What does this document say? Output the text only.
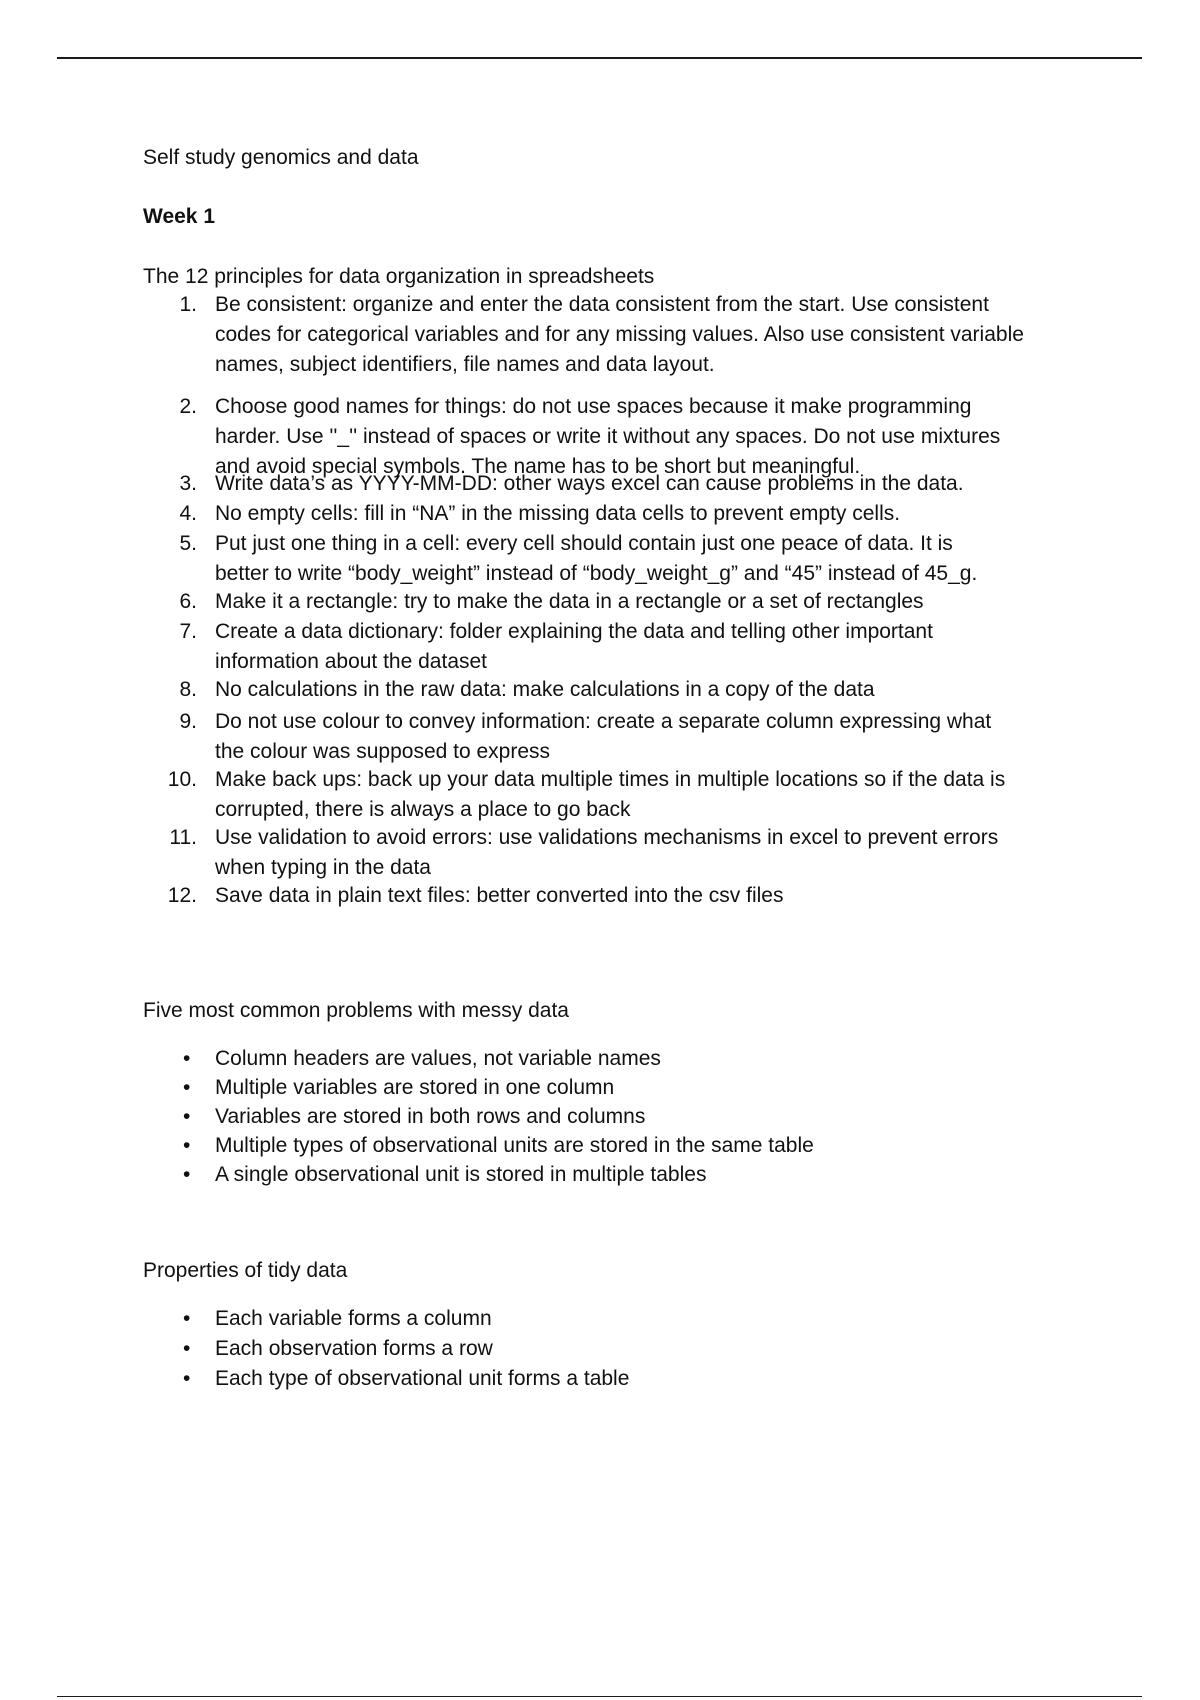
Self study genomics and data
Week 1
The 12 principles for data organization in spreadsheets
1. Be consistent: organize and enter the data consistent from the start. Use consistent
codes for categorical variables and for any missing values. Also use consistent variable
names, subject identifiers, file names and data layout.
2. Choose good names for things: do not use spaces because it make programming
harder. Use ''_'' instead of spaces or write it without any spaces. Do not use mixtures
and avoid special symbols. The name has to be short but meaningful.
3. Write data’s as YYYY-MM-DD: other ways excel can cause problems in the data.
4. No empty cells: fill in “NA” in the missing data cells to prevent empty cells.
5. Put just one thing in a cell: every cell should contain just one peace of data. It is
better to write “body_weight” instead of “body_weight_g” and “45” instead of 45_g.
6. Make it a rectangle: try to make the data in a rectangle or a set of rectangles
7. Create a data dictionary: folder explaining the data and telling other important
information about the dataset
8. No calculations in the raw data: make calculations in a copy of the data
9. Do not use colour to convey information: create a separate column expressing what
the colour was supposed to express
10. Make back ups: back up your data multiple times in multiple locations so if the data is
corrupted, there is always a place to go back
11. Use validation to avoid errors: use validations mechanisms in excel to prevent errors
when typing in the data
12. Save data in plain text files: better converted into the csv files
Five most common problems with messy data
• Column headers are values, not variable names
• Multiple variables are stored in one column
• Variables are stored in both rows and columns
• Multiple types of observational units are stored in the same table
• A single observational unit is stored in multiple tables
Properties of tidy data
• Each variable forms a column
• Each observation forms a row
• Each type of observational unit forms a table
